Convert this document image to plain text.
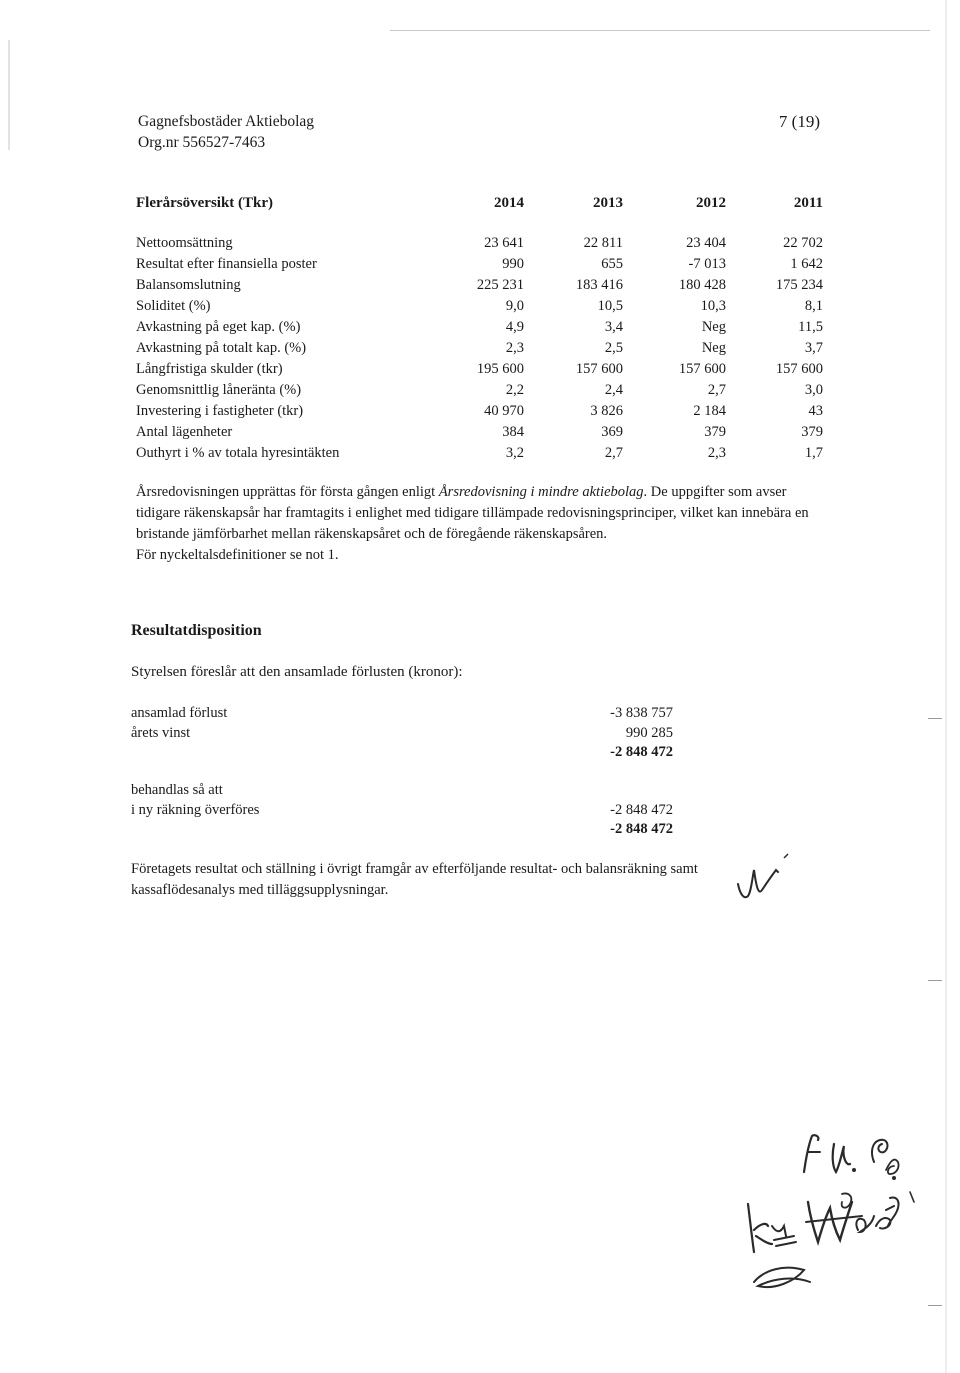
Gagnefsbostäder Aktiebolag
Org.nr 556527-7463
7 (19)
Flerårsöversikt (Tkr)	2014	2013	2012	2011
Nettoomsättning	23 641	22 811	23 404	22 702
Resultat efter finansiella poster	990	655	-7 013	1 642
Balansomslutning	225 231	183 416	180 428	175 234
Soliditet (%)	9,0	10,5	10,3	8,1
Avkastning på eget kap. (%)	4,9	3,4	Neg	11,5
Avkastning på totalt kap. (%)	2,3	2,5	Neg	3,7
Långfristiga skulder (tkr)	195 600	157 600	157 600	157 600
Genomsnittlig låneränta (%)	2,2	2,4	2,7	3,0
Investering i fastigheter (tkr)	40 970	3 826	2 184	43
Antal lägenheter	384	369	379	379
Outhyrt i % av totala hyresintäkten	3,2	2,7	2,3	1,7
Årsredovisningen upprättas för första gången enligt Årsredovisning i mindre aktiebolag. De uppgifter som avser tidigare räkenskapsår har framtagits i enlighet med tidigare tillämpade redovisningsprinciper, vilket kan innebära en bristande jämförbarhet mellan räkenskapsåret och de föregående räkenskapsåren.
För nyckeltalsdefinitioner se not 1.
Resultatdisposition
Styrelsen föreslår att den ansamlade förlusten (kronor):
ansamlad förlust	-3 838 757
årets vinst	990 285
-2 848 472
behandlas så att
i ny räkning överföres	-2 848 472
-2 848 472
Företagets resultat och ställning i övrigt framgår av efterföljande resultat- och balansräkning samt kassaflödesanalys med tilläggsupplysningar.
